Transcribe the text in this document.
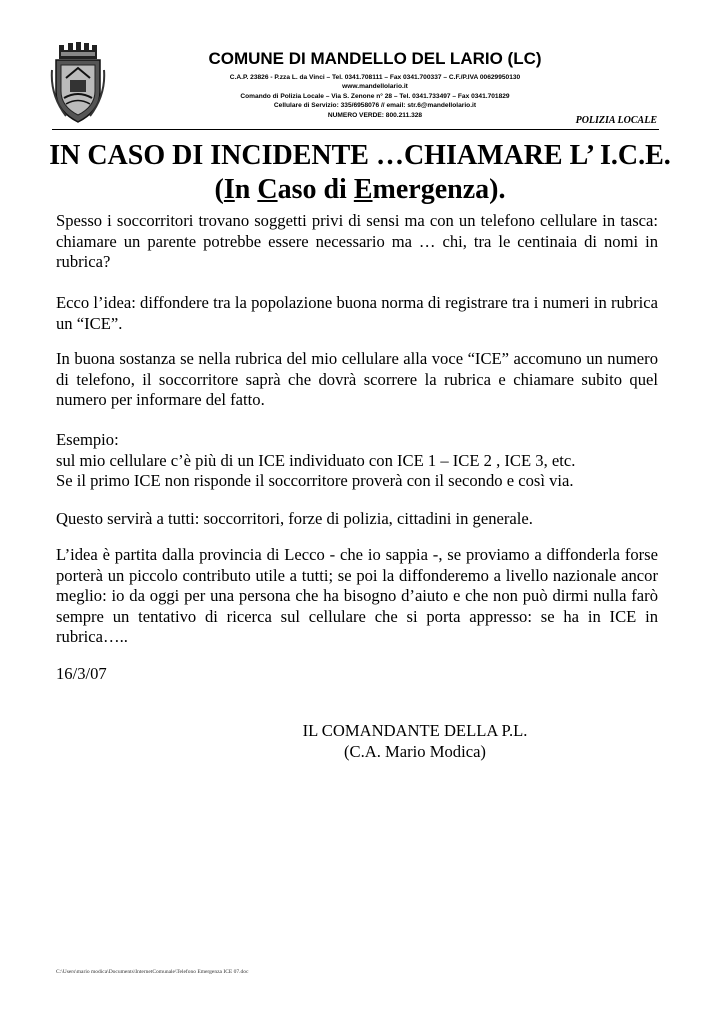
COMUNE DI MANDELLO DEL LARIO (LC)
C.A.P. 23826 - P.zza L. da Vinci – Tel. 0341.708111 – Fax 0341.700337 – C.F./P.IVA 00629950130
www.mandellolario.it
Comando di Polizia Locale – Via S. Zenone n° 28 – Tel. 0341.733497 – Fax 0341.701829
Cellulare di Servizio: 335/6958076 // email: str.6@mandellolario.it
NUMERO VERDE: 800.211.328	POLIZIA LOCALE
IN CASO DI INCIDENTE …CHIAMARE L’ I.C.E.
(In Caso di Emergenza).

Spesso i soccorritori trovano soggetti privi di sensi ma con un telefono cellulare in tasca: chiamare un parente potrebbe essere necessario ma … chi, tra le centinaia di nomi in rubrica?

Ecco l’idea: diffondere tra la popolazione buona norma di registrare tra i numeri in rubrica un “ICE”.

In buona sostanza se nella rubrica del mio cellulare alla voce “ICE” accomuno un numero di telefono, il soccorritore saprà che dovrà scorrere la rubrica e chiamare subito quel numero per informare del fatto.

Esempio:
sul mio cellulare c’è più di un ICE individuato con ICE 1 – ICE 2 , ICE 3, etc.
Se il primo ICE non risponde il soccorritore proverà con il secondo e così via.

Questo servirà a tutti: soccorritori, forze di polizia, cittadini in generale.

L’idea è partita dalla provincia di Lecco - che io sappia -, se proviamo a diffonderla forse porterà un piccolo contributo utile a tutti; se poi la diffonderemo a livello nazionale ancor meglio: io da oggi per una persona che ha bisogno d’aiuto e che non può dirmi nulla farò sempre un tentativo di ricerca sul cellulare che si porta appresso: se ha in ICE in rubrica…..

16/3/07
IL COMANDANTE DELLA P.L.
(C.A. Mario Modica)
C:\Users\mario modica\Documents\InternetComunale\Telefono Emergenza ICE 07.doc
